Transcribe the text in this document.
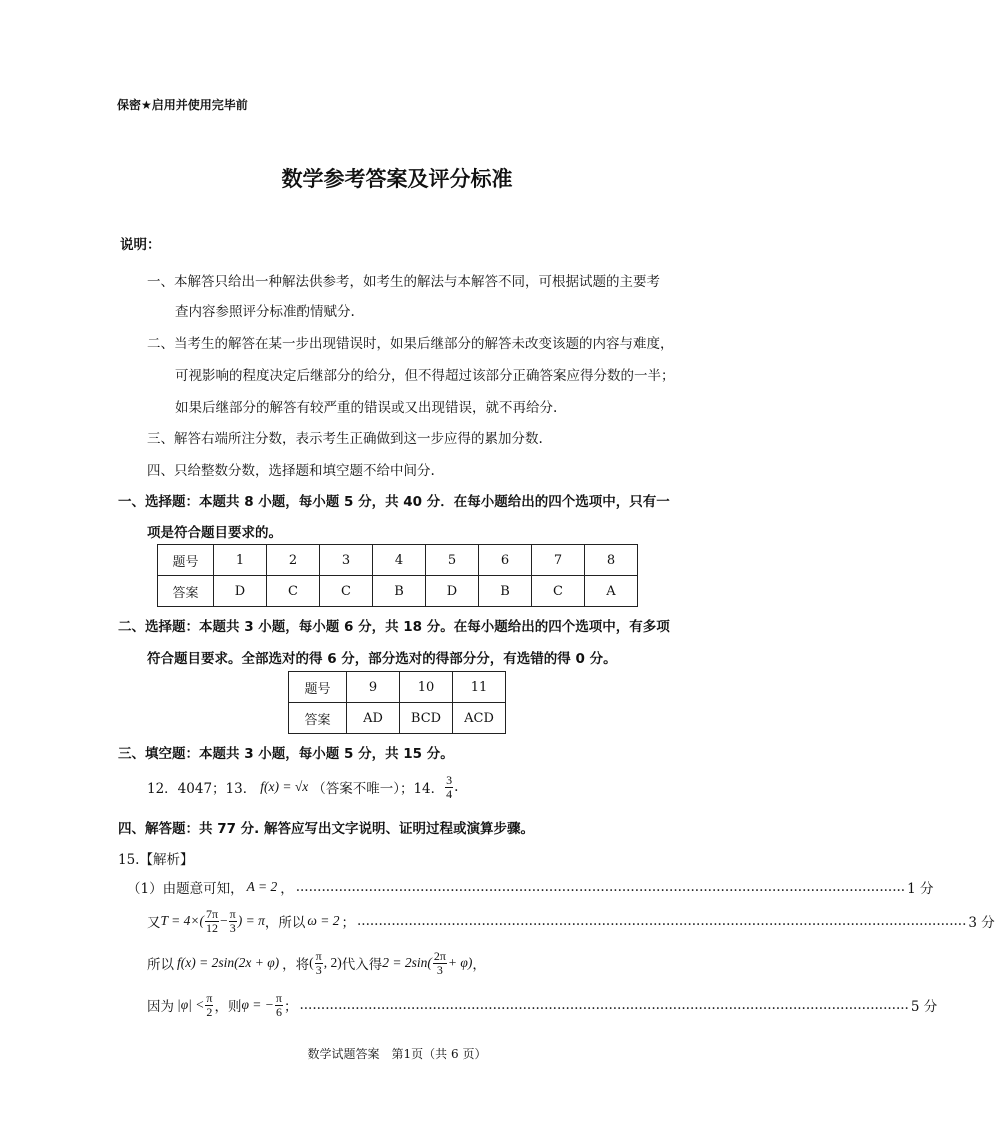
保密★启用并使用完毕前
数学参考答案及评分标准
说明：
一、本解答只给出一种解法供参考，如考生的解法与本解答不同，可根据试题的主要考
查内容参照评分标准酌情赋分.
二、当考生的解答在某一步出现错误时，如果后继部分的解答未改变该题的内容与难度，
可视影响的程度决定后继部分的给分，但不得超过该部分正确答案应得分数的一半；
如果后继部分的解答有较严重的错误或又出现错误，就不再给分.
三、解答右端所注分数，表示考生正确做到这一步应得的累加分数.
四、只给整数分数，选择题和填空题不给中间分.
一、选择题：本题共 8 小题，每小题 5 分，共 40 分．在每小题给出的四个选项中，只有一
项是符合题目要求的。
题号	1	2	3	4	5	6	7	8
答案	D	C	C	B	D	B	C	A
二、选择题：本题共 3 小题，每小题 6 分，共 18 分。在每小题给出的四个选项中，有多项
符合题目要求。全部选对的得 6 分，部分选对的得部分分，有选错的得 0 分。
题号	9	10	11
答案	AD	BCD	ACD
三、填空题：本题共 3 小题，每小题 5 分，共 15 分。
12．4047；13． f(x) = √x （答案不唯一）；14． $\frac{3}{4}$ .
四、解答题：共 77 分. 解答应写出文字说明、证明过程或演算步骤。
15.【解析】
（1）由题意可知， A = 2 ， .............................................................................................................................................. 1 分
又 $T = 4\times( \frac{7\pi}{12} - \frac{\pi}{3}$ ) = π ，所以 ω = 2 ； .............................................................................................................................................. 3 分
所以 f(x) = 2sin(2x + φ) ，将 ( $\frac{\pi}{3}$ , 2) 代入得 $2 = 2\sin( \frac{2\pi}{3} + \varphi)$ ，
因为 $|\varphi| < \frac{\pi}{2}$ ，则 φ = − $\frac{\pi}{6}$ ； .............................................................................................................................................. 5 分
数学试题答案　第1页（共 6 页）
